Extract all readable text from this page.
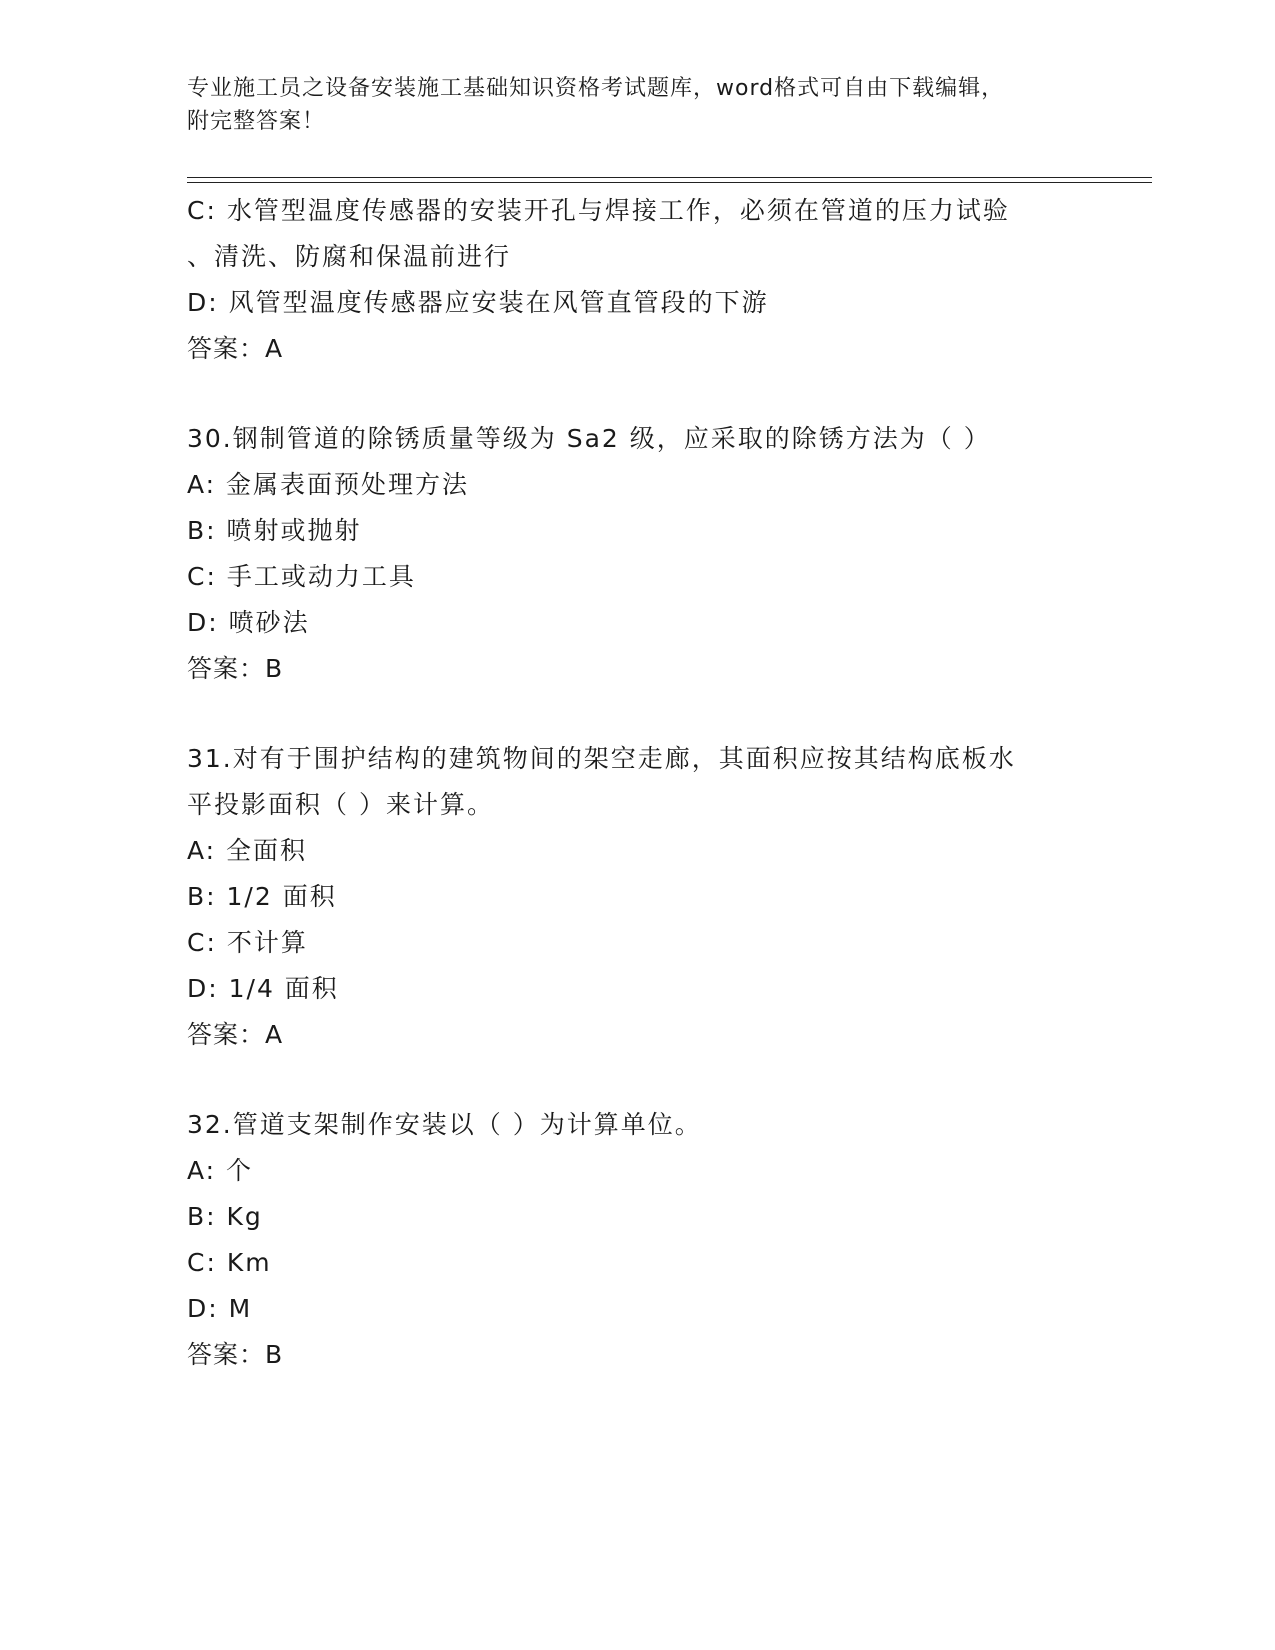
专业施工员之设备安装施工基础知识资格考试题库，word格式可自由下载编辑，
附完整答案！
C: 水管型温度传感器的安装开孔与焊接工作，必须在管道的压力试验
、清洗、防腐和保温前进行
D: 风管型温度传感器应安装在风管直管段的下游
答案：A
30.钢制管道的除锈质量等级为 Sa2 级，应采取的除锈方法为（ ）
A: 金属表面预处理方法
B: 喷射或抛射
C: 手工或动力工具
D: 喷砂法
答案：B
31.对有于围护结构的建筑物间的架空走廊，其面积应按其结构底板水
平投影面积（ ）来计算。
A: 全面积
B: 1/2 面积
C: 不计算
D: 1/4 面积
答案：A
32.管道支架制作安装以（ ）为计算单位。
A: 个
B: Kg
C: Km
D: M
答案：B
